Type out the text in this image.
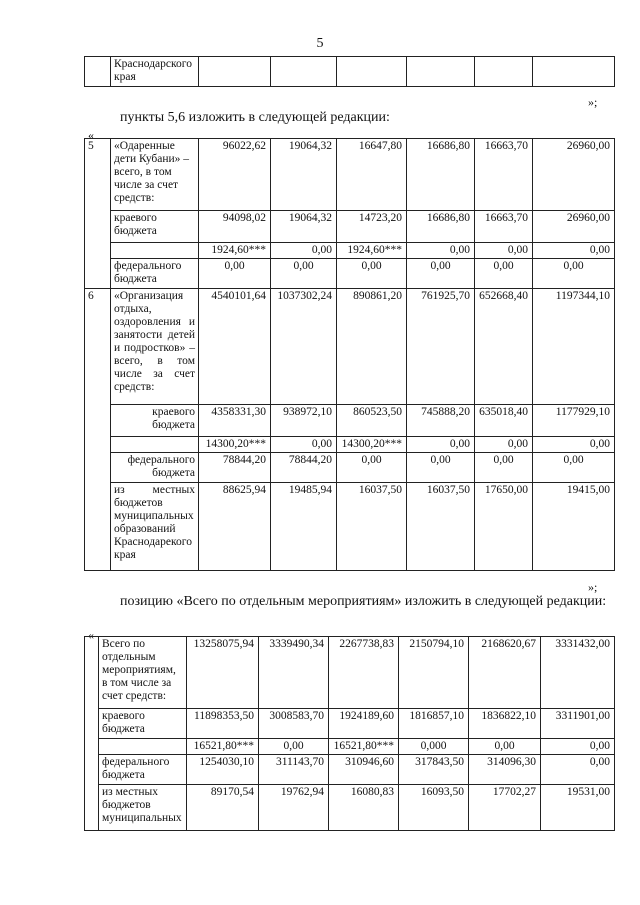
5
	Краснодарского края						
»;
пункты 5,6 изложить в следующей редакции:
«
5	«Одаренные дети Кубани» – всего, в том числе за счет средств:	96022,62	19064,32	16647,80	16686,80	16663,70	26960,00
	краевого бюджета	94098,02	19064,32	14723,20	16686,80	16663,70	26960,00
		1924,60***	0,00	1924,60***	0,00	0,00	0,00
	федерального бюджета	0,00	0,00	0,00	0,00	0,00	0,00
6	«Организация отдыха, оздоровления и занятости детей и подростков» – всего, в том числе за счет средств:	4540101,64	1037302,24	890861,20	761925,70	652668,40	1197344,10
	краевого бюджета	4358331,30	938972,10	860523,50	745888,20	635018,40	1177929,10
		14300,20***	0,00	14300,20***	0,00	0,00	0,00
	федерального бюджета	78844,20	78844,20	0,00	0,00	0,00	0,00
	из местных бюджетов муниципальных образований Краснодарекого края	88625,94	19485,94	16037,50	16037,50	17650,00	19415,00
»;
позицию «Всего по отдельным мероприятиям» изложить в следующей редакции:
«
	Всего по отдельным мероприятиям, в том числе за счет средств:	13258075,94	3339490,34	2267738,83	2150794,10	2168620,67	3331432,00
	краевого бюджета	11898353,50	3008583,70	1924189,60	1816857,10	1836822,10	3311901,00
		16521,80***	0,00	16521,80***	0,000	0,00	0,00
	федерального бюджета	1254030,10	311143,70	310946,60	317843,50	314096,30	0,00
	из местных бюджетов муниципальных	89170,54	19762,94	16080,83	16093,50	17702,27	19531,00
